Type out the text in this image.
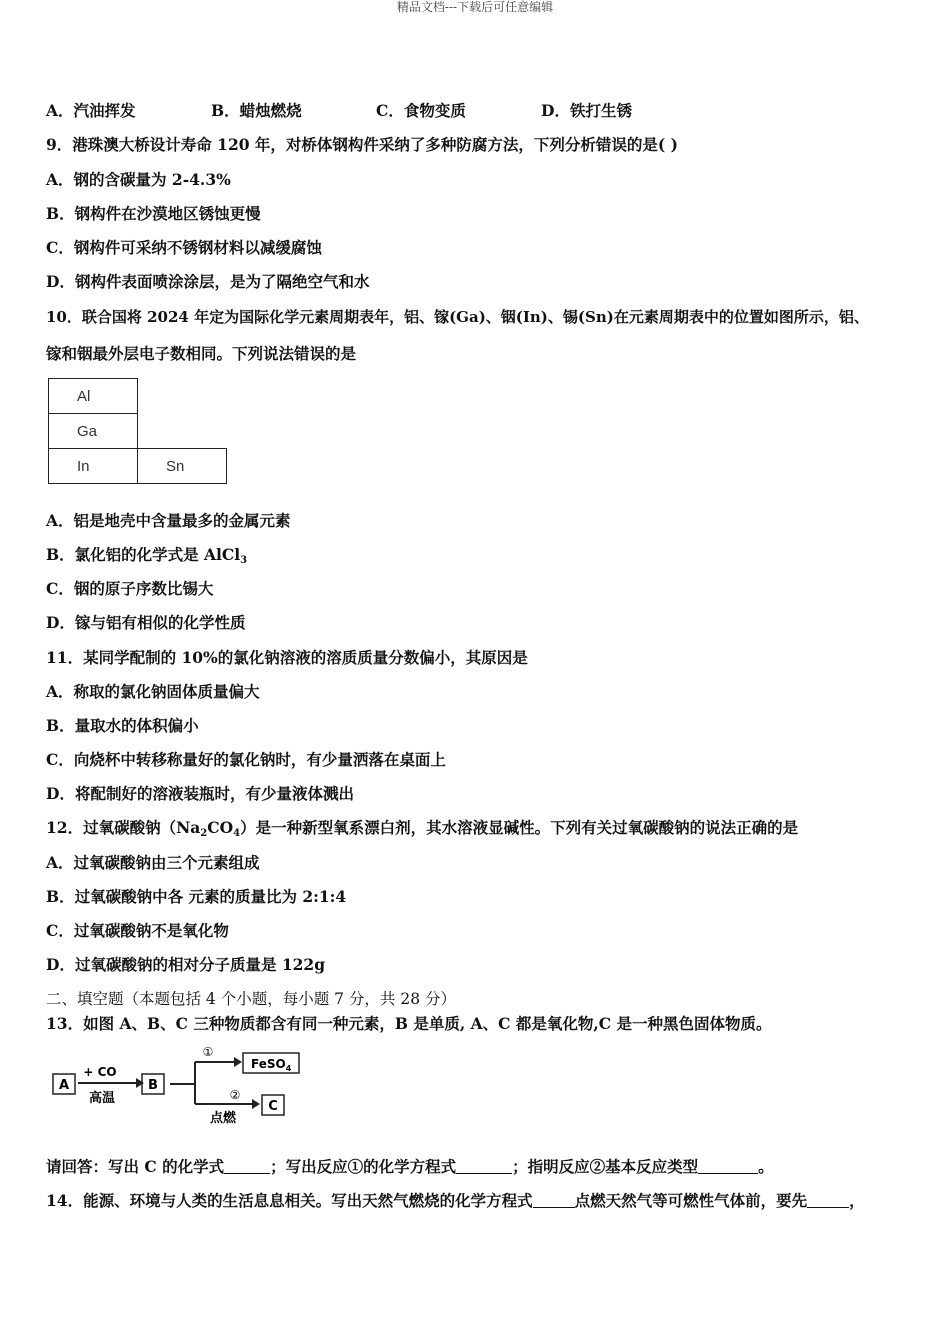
精品文档---下载后可任意编辑
A．汽油挥发	B．蜡烛燃烧	C．食物变质	D．铁打生锈
9．港珠澳大桥设计寿命 120 年，对桥体钢构件采纳了多种防腐方法，下列分析错误的是( )
A．钢的含碳量为 2-4.3%
B．钢构件在沙漠地区锈蚀更慢
C．钢构件可采纳不锈钢材料以减缓腐蚀
D．钢构件表面喷涂涂层，是为了隔绝空气和水
10．联合国将 2024 年定为国际化学元素周期表年，铝、镓(Ga)、铟(In)、锡(Sn)在元素周期表中的位置如图所示，铝、
镓和铟最外层电子数相同。下列说法错误的是
Al	
Ga	
In	Sn
A．铝是地壳中含量最多的金属元素
B．氯化铝的化学式是 AlCl$_3$
C．铟的原子序数比锡大
D．镓与铝有相似的化学性质
11．某同学配制的 10%的氯化钠溶液的溶质质量分数偏小，其原因是
A．称取的氯化钠固体质量偏大
B．量取水的体积偏小
C．向烧杯中转移称量好的氯化钠时，有少量洒落在桌面上
D．将配制好的溶液装瓶时，有少量液体溅出
12．过氧碳酸钠$(Na_2CO_4)$是一种新型氧系漂白剂，其水溶液显碱性。下列有关过氧碳酸钠的说法正确的是
A．过氧碳酸钠由三个元素组成
B．过氧碳酸钠中各 元素的质量比为 2:1:4
C．过氧碳酸钠不是氧化物
D．过氧碳酸钠的相对分子质量是 122g
二、填空题（本题包括 4 个小题，每小题 7 分，共 28 分）
13．如图 A、B、C 三种物质都含有同一种元素，B 是单质, A、C 都是氧化物,C 是一种黑色固体物质。
A
+ CO
高温
B
①
FeSO$_4$
②
点燃
C
请回答：写出 C 的化学式	；写出反应①的化学方程式	；指明反应②基本反应类型	。
14．能源、环境与人类的生活息息相关。写出天然气燃烧的化学方程式	点燃天然气等可燃性气体前，要先	，
